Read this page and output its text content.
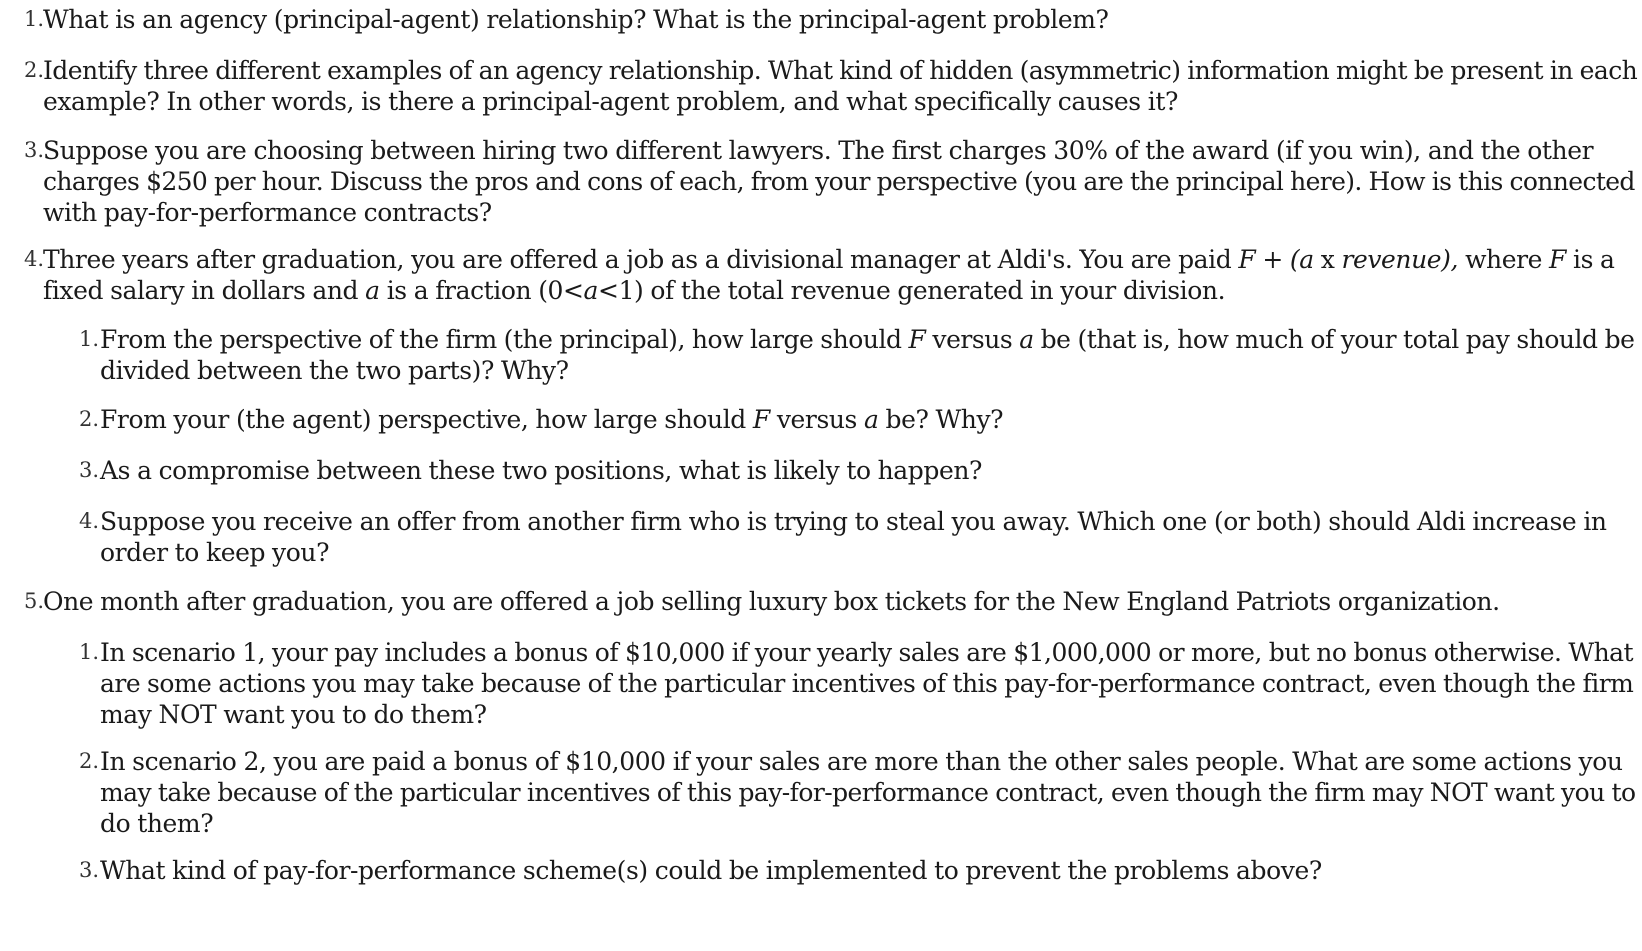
1. What is an agency (principal-agent) relationship? What is the principal-agent problem?
2. Identify three different examples of an agency relationship. What kind of hidden (asymmetric) information might be present in each
example? In other words, is there a principal-agent problem, and what specifically causes it?
3. Suppose you are choosing between hiring two different lawyers. The first charges 30% of the award (if you win), and the other
charges $250 per hour. Discuss the pros and cons of each, from your perspective (you are the principal here). How is this connected
with pay-for-performance contracts?
4. Three years after graduation, you are offered a job as a divisional manager at Aldi's. You are paid F + (a x revenue), where F is a
fixed salary in dollars and a is a fraction (0<a<1) of the total revenue generated in your division.
1. From the perspective of the firm (the principal), how large should F versus a be (that is, how much of your total pay should be
divided between the two parts)? Why?
2. From your (the agent) perspective, how large should F versus a be? Why?
3. As a compromise between these two positions, what is likely to happen?
4. Suppose you receive an offer from another firm who is trying to steal you away. Which one (or both) should Aldi increase in
order to keep you?
5. One month after graduation, you are offered a job selling luxury box tickets for the New England Patriots organization.
1. In scenario 1, your pay includes a bonus of $10,000 if your yearly sales are $1,000,000 or more, but no bonus otherwise. What
are some actions you may take because of the particular incentives of this pay-for-performance contract, even though the firm
may NOT want you to do them?
2. In scenario 2, you are paid a bonus of $10,000 if your sales are more than the other sales people. What are some actions you
may take because of the particular incentives of this pay-for-performance contract, even though the firm may NOT want you to
do them?
3. What kind of pay-for-performance scheme(s) could be implemented to prevent the problems above?
